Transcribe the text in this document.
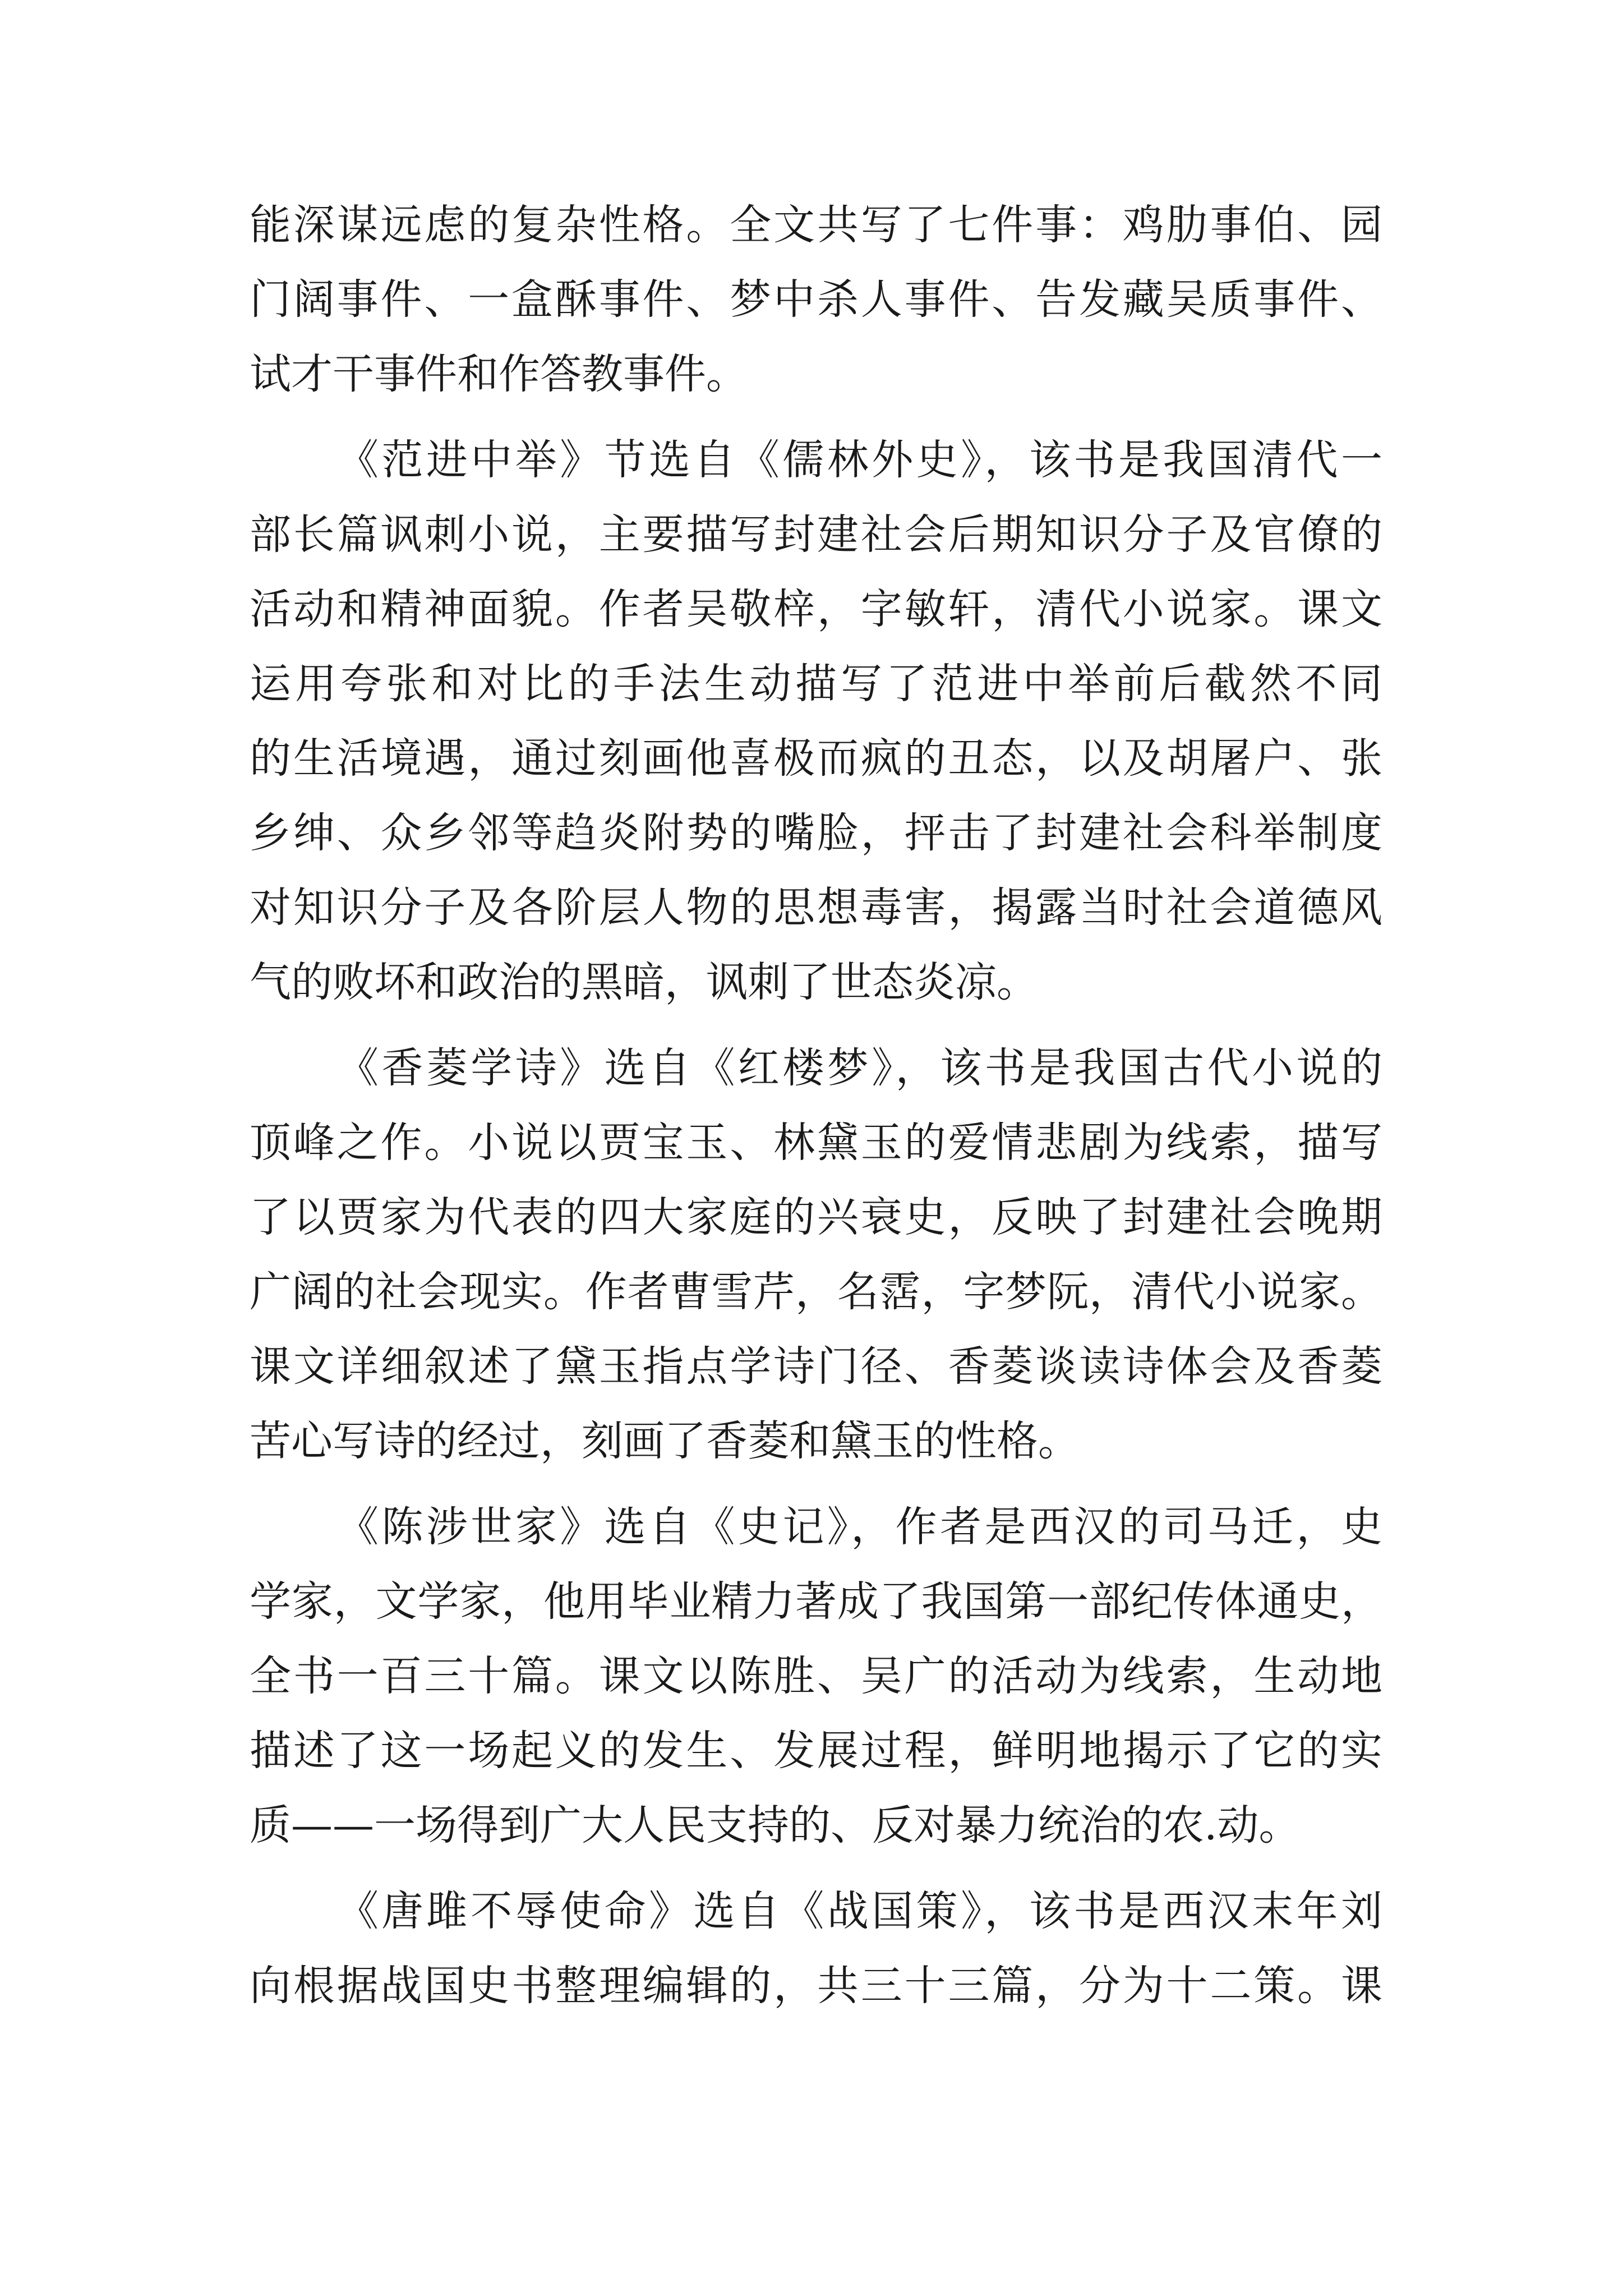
能深谋远虑的复杂性格。全文共写了七件事：鸡肋事伯、园
门阔事件、一盒酥事件、梦中杀人事件、告发藏吴质事件、
试才干事件和作答教事件。
《范进中举》节选自《儒林外史》，该书是我国清代一
部长篇讽刺小说，主要描写封建社会后期知识分子及官僚的
活动和精神面貌。作者吴敬梓，字敏轩，清代小说家。课文
运用夸张和对比的手法生动描写了范进中举前后截然不同
的生活境遇，通过刻画他喜极而疯的丑态，以及胡屠户、张
乡绅、众乡邻等趋炎附势的嘴脸，抨击了封建社会科举制度
对知识分子及各阶层人物的思想毒害，揭露当时社会道德风
气的败坏和政治的黑暗，讽刺了世态炎凉。
《香菱学诗》选自《红楼梦》，该书是我国古代小说的
顶峰之作。小说以贾宝玉、林黛玉的爱情悲剧为线索，描写
了以贾家为代表的四大家庭的兴衰史，反映了封建社会晚期
广阔的社会现实。作者曹雪芹，名霑，字梦阮，清代小说家。
课文详细叙述了黛玉指点学诗门径、香菱谈读诗体会及香菱
苦心写诗的经过，刻画了香菱和黛玉的性格。
《陈涉世家》选自《史记》，作者是西汉的司马迁，史
学家，文学家，他用毕业精力著成了我国第一部纪传体通史，
全书一百三十篇。课文以陈胜、吴广的活动为线索，生动地
描述了这一场起义的发生、发展过程，鲜明地揭示了它的实
质——一场得到广大人民支持的、反对暴力统治的农.动。
《唐雎不辱使命》选自《战国策》，该书是西汉末年刘
向根据战国史书整理编辑的，共三十三篇，分为十二策。课
